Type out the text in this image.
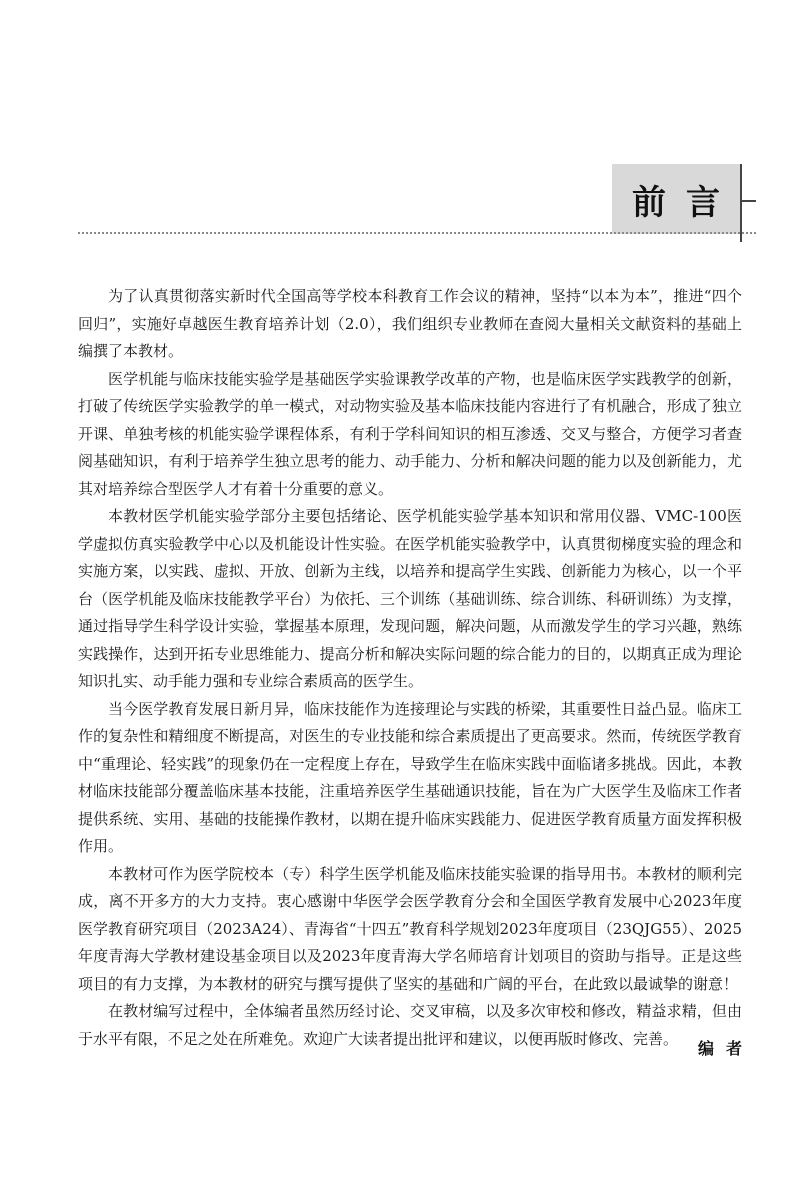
前言

为了认真贯彻落实新时代全国高等学校本科教育工作会议的精神，坚持“以本为本”，推进“四个回归”，实施好卓越医生教育培养计划（2.0），我们组织专业教师在查阅大量相关文献资料的基础上编撰了本教材。

医学机能与临床技能实验学是基础医学实验课教学改革的产物，也是临床医学实践教学的创新，打破了传统医学实验教学的单一模式，对动物实验及基本临床技能内容进行了有机融合，形成了独立开课、单独考核的机能实验学课程体系，有利于学科间知识的相互渗透、交叉与整合，方便学习者查阅基础知识，有利于培养学生独立思考的能力、动手能力、分析和解决问题的能力以及创新能力，尤其对培养综合型医学人才有着十分重要的意义。

本教材医学机能实验学部分主要包括绪论、医学机能实验学基本知识和常用仪器、VMC-100医学虚拟仿真实验教学中心以及机能设计性实验。在医学机能实验教学中，认真贯彻梯度实验的理念和实施方案，以实践、虚拟、开放、创新为主线，以培养和提高学生实践、创新能力为核心，以一个平台（医学机能及临床技能教学平台）为依托、三个训练（基础训练、综合训练、科研训练）为支撑，通过指导学生科学设计实验，掌握基本原理，发现问题，解决问题，从而激发学生的学习兴趣，熟练实践操作，达到开拓专业思维能力、提高分析和解决实际问题的综合能力的目的，以期真正成为理论知识扎实、动手能力强和专业综合素质高的医学生。

当今医学教育发展日新月异，临床技能作为连接理论与实践的桥梁，其重要性日益凸显。临床工作的复杂性和精细度不断提高，对医生的专业技能和综合素质提出了更高要求。然而，传统医学教育中“重理论、轻实践”的现象仍在一定程度上存在，导致学生在临床实践中面临诸多挑战。因此，本教材临床技能部分覆盖临床基本技能，注重培养医学生基础通识技能，旨在为广大医学生及临床工作者提供系统、实用、基础的技能操作教材，以期在提升临床实践能力、促进医学教育质量方面发挥积极作用。

本教材可作为医学院校本（专）科学生医学机能及临床技能实验课的指导用书。本教材的顺利完成，离不开多方的大力支持。衷心感谢中华医学会医学教育分会和全国医学教育发展中心2023年度医学教育研究项目（2023A24）、青海省“十四五”教育科学规划2023年度项目（23QJG55）、2025年度青海大学教材建设基金项目以及2023年度青海大学名师培育计划项目的资助与指导。正是这些项目的有力支撑，为本教材的研究与撰写提供了坚实的基础和广阔的平台，在此致以最诚挚的谢意！

在教材编写过程中，全体编者虽然历经讨论、交叉审稿，以及多次审校和修改，精益求精，但由于水平有限，不足之处在所难免。欢迎广大读者提出批评和建议，以便再版时修改、完善。

编者
